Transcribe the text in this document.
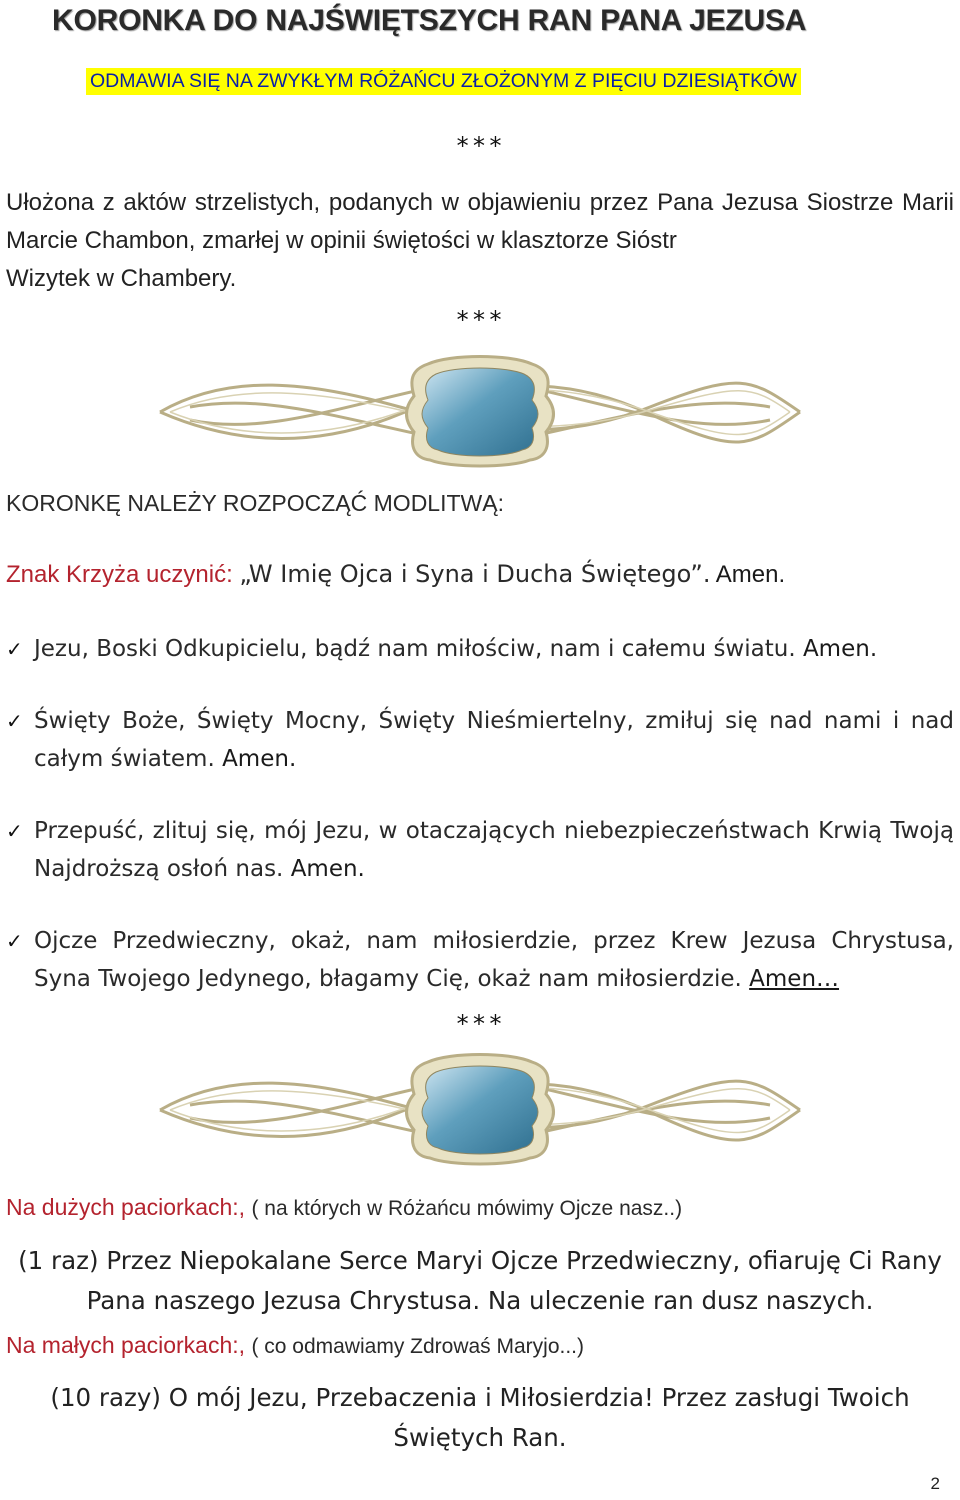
KORONKA DO NAJŚWIĘTSZYCH RAN PANA JEZUSA
ODMAWIA SIĘ NA ZWYKŁYM RÓŻAŃCU ZŁOŻONYM Z PIĘCIU DZIESIĄTKÓW
***
Ułożona z aktów strzelistych, podanych w objawieniu przez Pana Jezusa Siostrze Marii Marcie Chambon, zmarłej w opinii świętości w klasztorze Sióstr
Wizytek w Chambery.
***
KORONKĘ NALEŻY ROZPOCZĄĆ MODLITWĄ:
Znak Krzyża uczynić: „W Imię Ojca i Syna i Ducha Świętego”. Amen.
✓ Jezu, Boski Odkupicielu, bądź nam miłościw, nam i całemu światu. Amen.
✓ Święty Boże, Święty Mocny, Święty Nieśmiertelny, zmiłuj się nad nami i nad całym światem. Amen.
✓ Przepuść, zlituj się, mój Jezu, w otaczających niebezpieczeństwach Krwią Twoją Najdroższą osłoń nas. Amen.
✓ Ojcze Przedwieczny, okaż, nam miłosierdzie, przez Krew Jezusa Chrystusa, Syna Twojego Jedynego, błagamy Cię, okaż nam miłosierdzie. Amen…
***
Na dużych paciorkach:, ( na których w Różańcu mówimy Ojcze nasz..)
(1 raz) Przez Niepokalane Serce Maryi Ojcze Przedwieczny, ofiaruję Ci Rany Pana naszego Jezusa Chrystusa. Na uleczenie ran dusz naszych.
Na małych paciorkach:, ( co odmawiamy Zdrowaś Maryjo...)
(10 razy) O mój Jezu, Przebaczenia i Miłosierdzia! Przez zasługi Twoich Świętych Ran.
2
